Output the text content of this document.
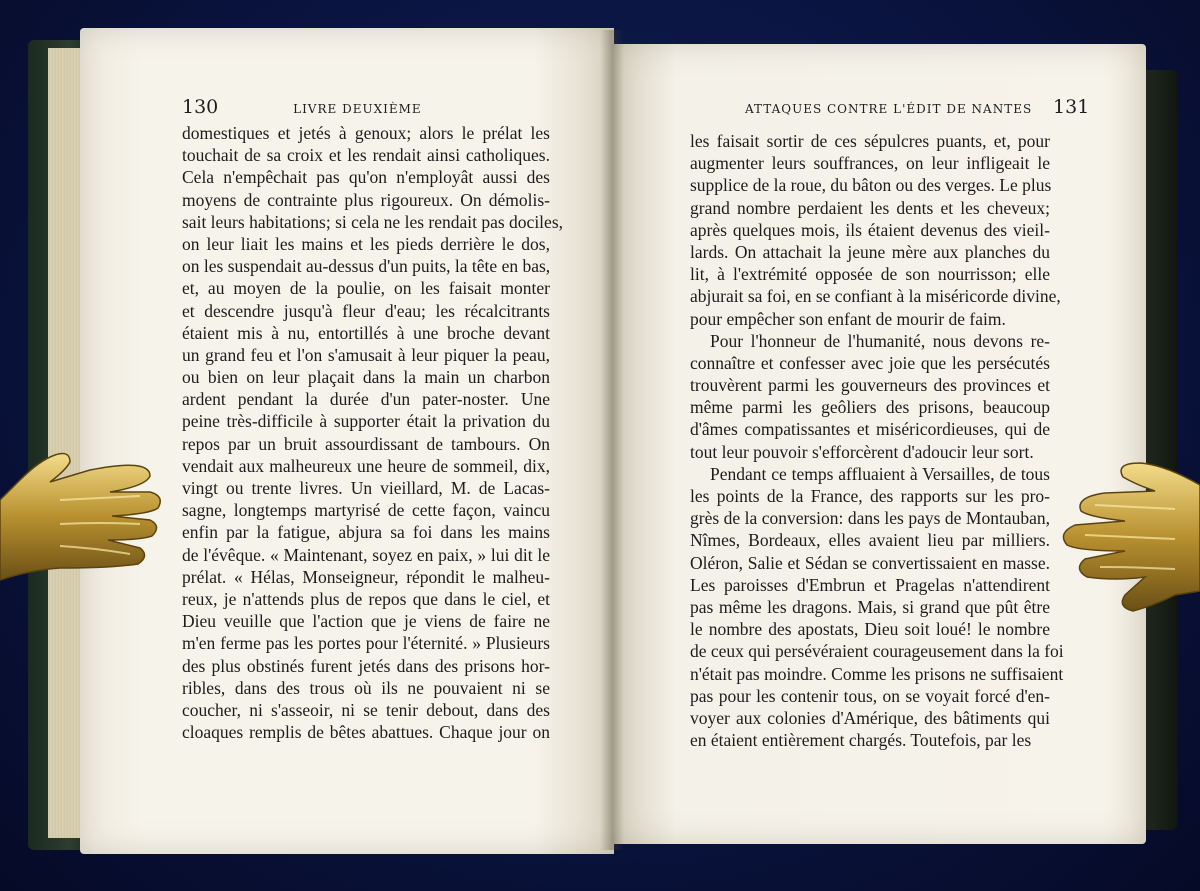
130	LIVRE DEUXIÈME	ATTAQUES CONTRE L'ÉDIT DE NANTES 131
domestiques et jetés à genoux; alors le prélat les
touchait de sa croix et les rendait ainsi catholiques.
Cela n'empêchait pas qu'on n'employât aussi des
moyens de contrainte plus rigoureux. On démolis-
sait leurs habitations; si cela ne les rendait pas dociles,
on leur liait les mains et les pieds derrière le dos,
on les suspendait au-dessus d'un puits, la tête en bas,
et, au moyen de la poulie, on les faisait monter
et descendre jusqu'à fleur d'eau; les récalcitrants
étaient mis à nu, entortillés à une broche devant
un grand feu et l'on s'amusait à leur piquer la peau,
ou bien on leur plaçait dans la main un charbon
ardent pendant la durée d'un pater-noster. Une
peine très-difficile à supporter était la privation du
repos par un bruit assourdissant de tambours. On
vendait aux malheureux une heure de sommeil, dix,
vingt ou trente livres. Un vieillard, M. de Lacas-
sagne, longtemps martyrisé de cette façon, vaincu
enfin par la fatigue, abjura sa foi dans les mains
de l'évêque. « Maintenant, soyez en paix, » lui dit le
prélat. « Hélas, Monseigneur, répondit le malheu-
reux, je n'attends plus de repos que dans le ciel, et
Dieu veuille que l'action que je viens de faire ne
m'en ferme pas les portes pour l'éternité. » Plusieurs
des plus obstinés furent jetés dans des prisons hor-
ribles, dans des trous où ils ne pouvaient ni se
coucher, ni s'asseoir, ni se tenir debout, dans des
cloaques remplis de bêtes abattues. Chaque jour on
les faisait sortir de ces sépulcres puants, et, pour
augmenter leurs souffrances, on leur infligeait le
supplice de la roue, du bâton ou des verges. Le plus
grand nombre perdaient les dents et les cheveux;
après quelques mois, ils étaient devenus des vieil-
lards. On attachait la jeune mère aux planches du
lit, à l'extrémité opposée de son nourrisson; elle
abjurait sa foi, en se confiant à la miséricorde divine,
pour empêcher son enfant de mourir de faim.
Pour l'honneur de l'humanité, nous devons re-
connaître et confesser avec joie que les persécutés
trouvèrent parmi les gouverneurs des provinces et
même parmi les geôliers des prisons, beaucoup
d'âmes compatissantes et miséricordieuses, qui de
tout leur pouvoir s'efforcèrent d'adoucir leur sort.
Pendant ce temps affluaient à Versailles, de tous
les points de la France, des rapports sur les pro-
grès de la conversion: dans les pays de Montauban,
Nîmes, Bordeaux, elles avaient lieu par milliers.
Oléron, Salie et Sédan se convertissaient en masse.
Les paroisses d'Embrun et Pragelas n'attendirent
pas même les dragons. Mais, si grand que pût être
le nombre des apostats, Dieu soit loué! le nombre
de ceux qui persévéraient courageusement dans la foi
n'était pas moindre. Comme les prisons ne suffisaient
pas pour les contenir tous, on se voyait forcé d'en-
voyer aux colonies d'Amérique, des bâtiments qui
en étaient entièrement chargés. Toutefois, par les
